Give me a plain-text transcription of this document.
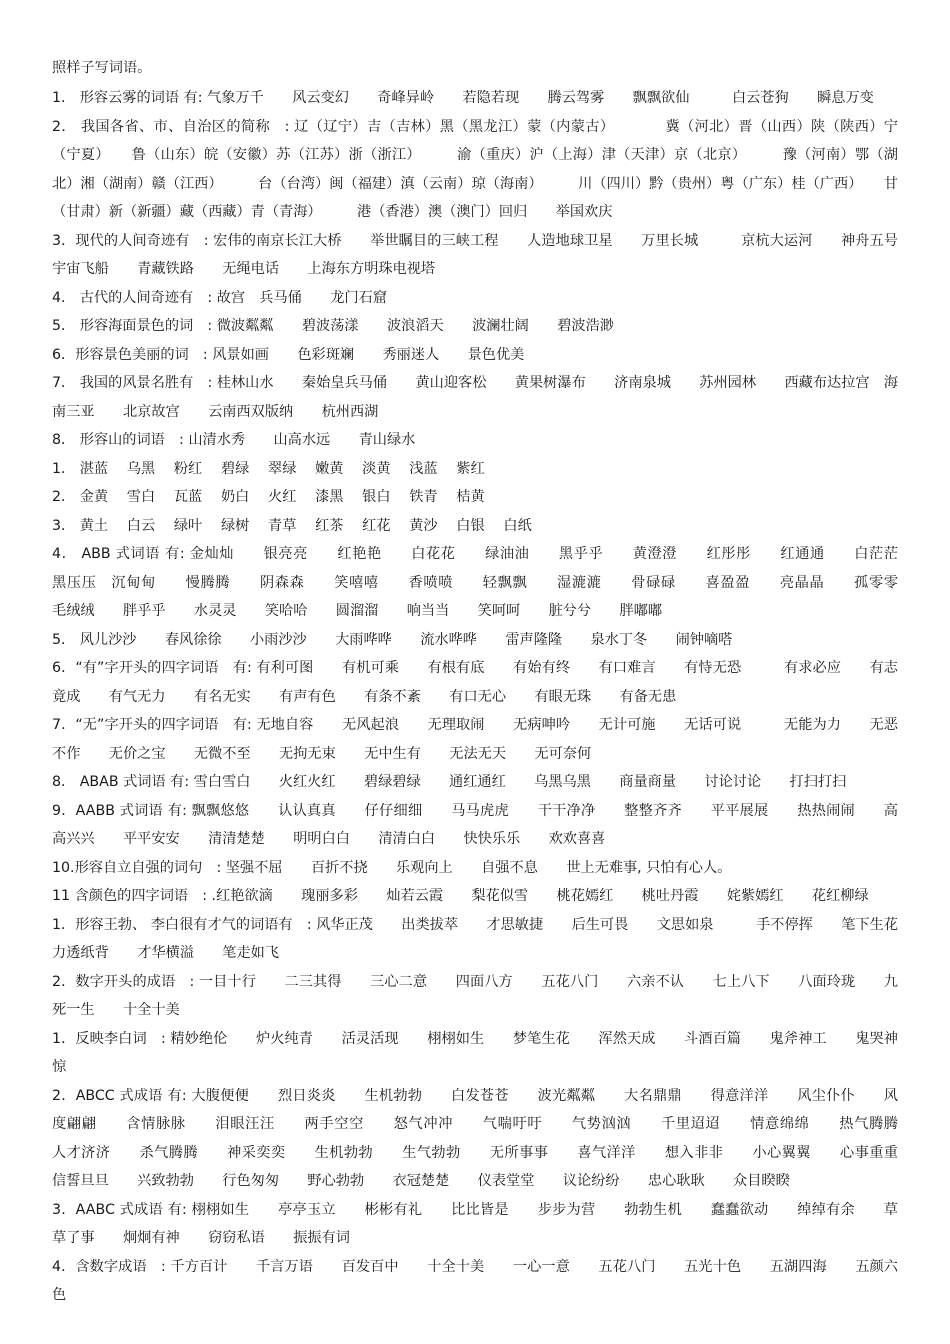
照样子写词语。

1． 形容云雾的词语 有: 气象万千　　风云变幻　　奇峰异岭　　若隐若现　　腾云驾雾　　飘飘欲仙　　　白云苍狗　　瞬息万变

2． 我国各省、市、自治区的简称　: 辽（辽宁）吉（吉林）黑（黑龙江）蒙（内蒙古）　　　　冀（河北）晋（山西）陕（陕西）宁（宁夏）　　鲁（山东）皖（安徽）苏（江苏）浙（浙江）　　　渝（重庆）沪（上海）津（天津）京（北京）　　　豫（河南）鄂（湖北）湘（湖南）赣（江西）　　　台（台湾）闽（福建）滇（云南）琼（海南）　　　川（四川）黔（贵州）粤（广东）桂（广西）　　甘（甘肃）新（新疆）藏（西藏）青（青海）　　　港（香港）澳（澳门）回归　　举国欢庆

3．现代的人间奇迹有　: 宏伟的南京长江大桥　　举世瞩目的三峡工程　　人造地球卫星　　万里长城　　　京杭大运河　　神舟五号宇宙飞船　　青藏铁路　　无绳电话　　上海东方明珠电视塔

4． 古代的人间奇迹有　: 故宫　兵马俑　　龙门石窟

5． 形容海面景色的词　: 微波粼粼　　碧波荡漾　　波浪滔天　　波澜壮阔　　碧波浩渺

6．形容景色美丽的词　: 风景如画　　色彩斑斓　　秀丽迷人　　景色优美

7． 我国的风景名胜有　: 桂林山水　　秦始皇兵马俑　　黄山迎客松　　黄果树瀑布　　济南泉城　　苏州园林　　西藏布达拉宫　海南三亚　　北京故宫　　云南西双版纳　　杭州西湖

8． 形容山的词语　: 山清水秀　　山高水远　　青山绿水

1． 湛蓝　 乌黑　 粉红　 碧绿　 翠绿　 嫩黄　 淡黄　 浅蓝　 紫红

2． 金黄　 雪白　 瓦蓝　 奶白　 火红　 漆黑　 银白　 铁青　 桔黄

3． 黄土　 白云　 绿叶　 绿树　 青草　 红茶　 红花　 黄沙　 白银　 白纸

4． ABB 式词语 有: 金灿灿　　银亮亮　　红艳艳　　白花花　　绿油油　　黑乎乎　　黄澄澄　　红彤彤　　红通通　　白茫茫　　黑压压　沉甸甸　　慢腾腾　　阴森森　　笑嘻嘻　　香喷喷　　轻飘飘　　湿漉漉　　骨碌碌　　喜盈盈　　亮晶晶　　孤零零　　毛绒绒　　胖乎乎　　水灵灵　　笑哈哈　　圆溜溜　　响当当　　笑呵呵　　脏兮兮　　胖嘟嘟

5． 风儿沙沙　　春风徐徐　　小雨沙沙　　大雨哗哗　　流水哗哗　　雷声隆隆　　泉水丁冬　　闹钟嘀嗒

6．“有”字开头的四字词语　有: 有利可图　　有机可乘　　有根有底　　有始有终　　有口难言　　有恃无恐　　　有求必应　　有志竟成　　有气无力　　有名无实　　有声有色　　有条不紊　　有口无心　　有眼无珠　　有备无患

7．“无”字开头的四字词语　有: 无地自容　　无风起浪　　无理取闹　　无病呻吟　　无计可施　　无话可说　　　无能为力　　无恶不作　　无价之宝　　无微不至　　无拘无束　　无中生有　　无法无天　　无可奈何

8． ABAB 式词语 有: 雪白雪白　　火红火红　　碧绿碧绿　　通红通红　　乌黑乌黑　　商量商量　　讨论讨论　　打扫打扫

9．AABB 式词语 有: 飘飘悠悠　　认认真真　　仔仔细细　　马马虎虎　　干干净净　　整整齐齐　　平平展展　　热热闹闹　　高高兴兴　　平平安安　　清清楚楚　　明明白白　　清清白白　　快快乐乐　　欢欢喜喜

10.形容自立自强的词句　: 坚强不屈　　百折不挠　　乐观向上　　自强不息　　世上无难事, 只怕有心人。

11 含颜色的四字词语　: .红艳欲滴　　瑰丽多彩　　灿若云霞　　梨花似雪　　桃花嫣红　　桃吐丹霞　　姹紫嫣红　　花红柳绿

1．形容王勃、 李白很有才气的词语有　: 风华正茂　　出类拔萃　　才思敏捷　　后生可畏　　文思如泉　　　手不停挥　　笔下生花　　力透纸背　　才华横溢　　笔走如飞

2．数字开头的成语　: 一目十行　　二三其得　　三心二意　　四面八方　　五花八门　　六亲不认　　七上八下　　八面玲珑　　九死一生　　十全十美

1．反映李白词　: 精妙绝伦　　炉火纯青　　活灵活现　　栩栩如生　　梦笔生花　　浑然天成　　斗酒百篇　　鬼斧神工　　鬼哭神惊

2．ABCC 式成语 有: 大腹便便　　烈日炎炎　　生机勃勃　　白发苍苍　　波光粼粼　　大名鼎鼎　　得意洋洋　　风尘仆仆　　风度翩翩　　含情脉脉　　泪眼汪汪　　两手空空　　怒气冲冲　　气喘吁吁　　气势汹汹　　千里迢迢　　情意绵绵　　热气腾腾　　人才济济　　杀气腾腾　　神采奕奕　　生机勃勃　　生气勃勃　　无所事事　　喜气洋洋　　想入非非　　小心翼翼　　心事重重　　信誓旦旦　　兴致勃勃　　行色匆匆　　野心勃勃　　衣冠楚楚　　仪表堂堂　　议论纷纷　　忠心耿耿　　众目睽睽

3．AABC 式成语 有: 栩栩如生　　亭亭玉立　　彬彬有礼　　比比皆是　　步步为营　　勃勃生机　　蠢蠢欲动　　绰绰有余　　草草了事　　炯炯有神　　窃窃私语　　振振有词

4．含数字成语　: 千方百计　　千言万语　　百发百中　　十全十美　　一心一意　　五花八门　　五光十色　　五湖四海　　五颜六色
